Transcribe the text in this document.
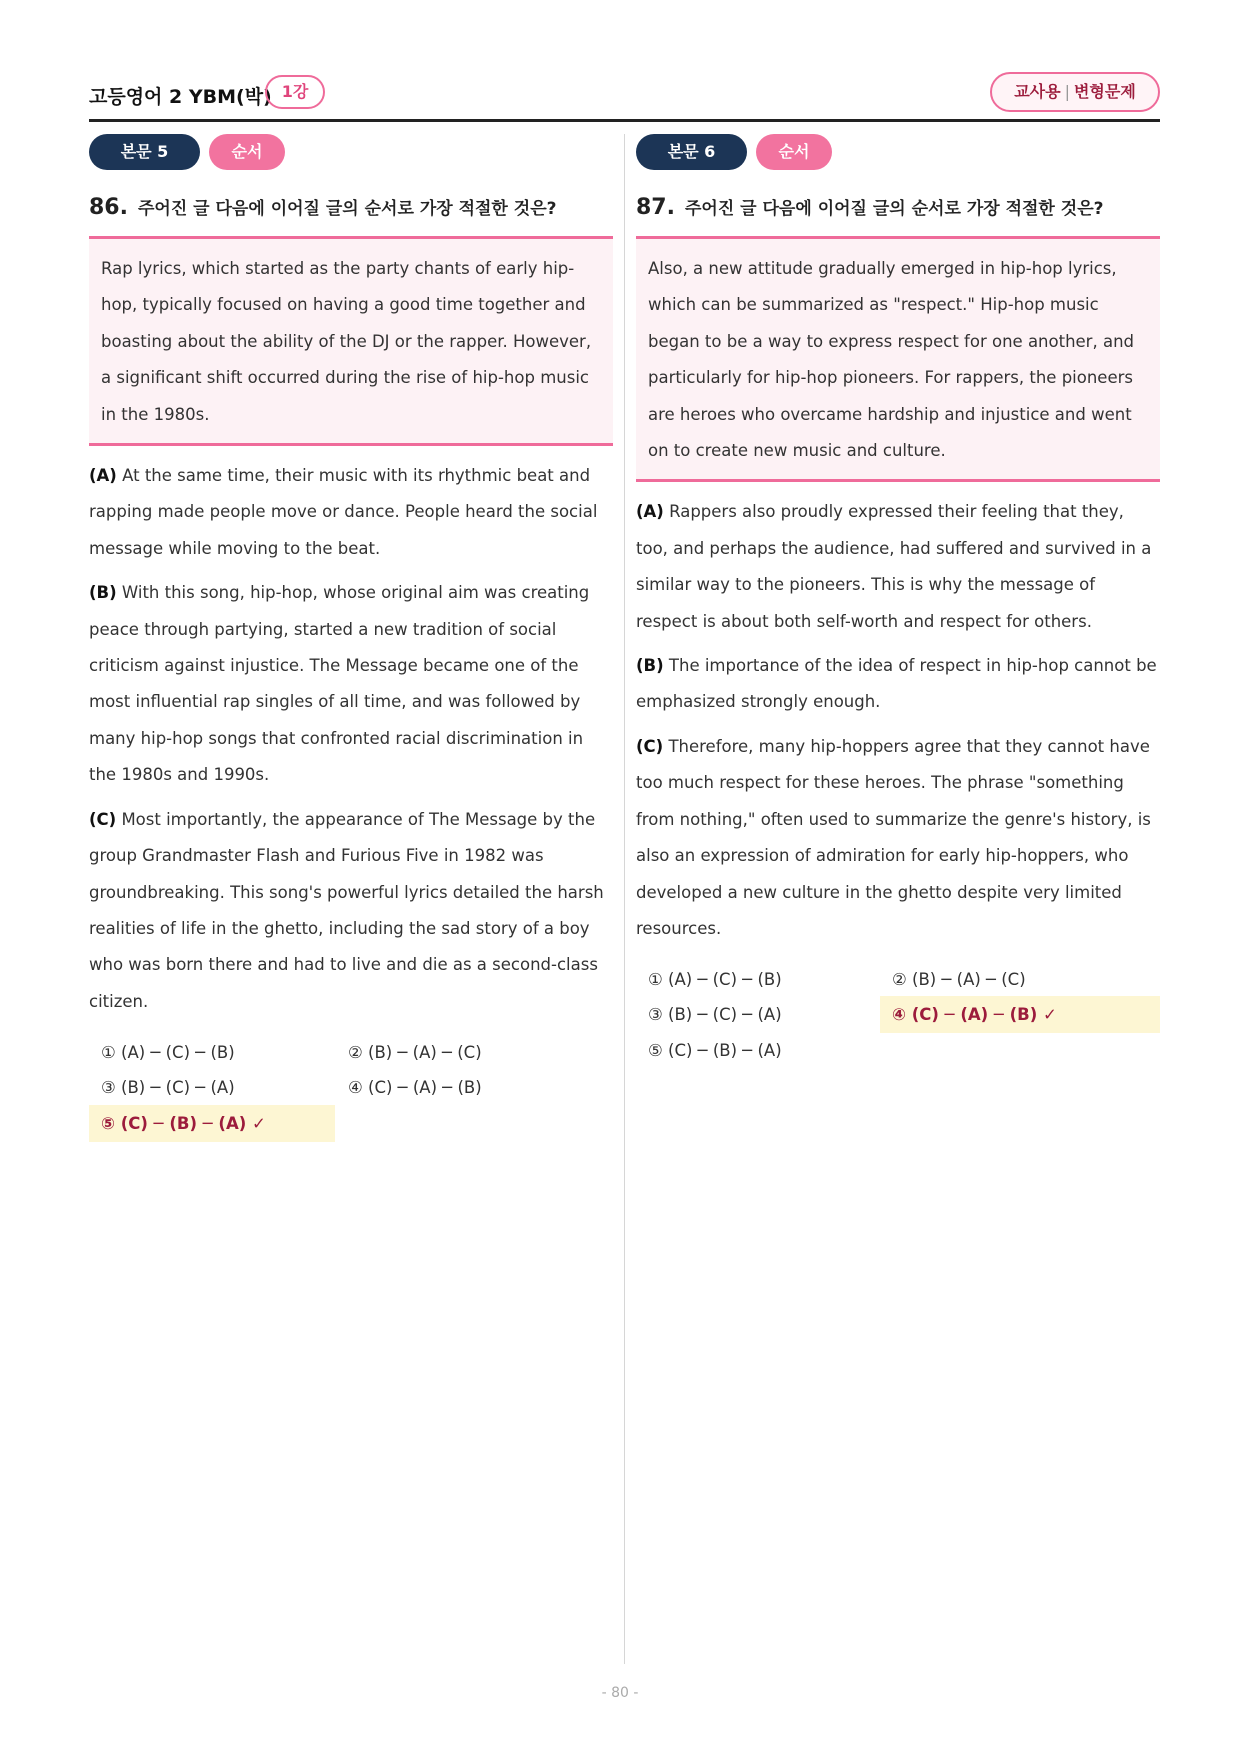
고등영어 2 YBM(박) 1강	교사용 | 변형문제
본문 5	순서
86. 주어진 글 다음에 이어질 글의 순서로 가장 적절한 것은?
Rap lyrics, which started as the party chants of early hip-hop, typically focused on having a good time together and boasting about the ability of the DJ or the rapper. However, a significant shift occurred during the rise of hip-hop music in the 1980s.
(A) At the same time, their music with its rhythmic beat and rapping made people move or dance. People heard the social message while moving to the beat.
(B) With this song, hip-hop, whose original aim was creating peace through partying, started a new tradition of social criticism against injustice. The Message became one of the most influential rap singles of all time, and was followed by many hip-hop songs that confronted racial discrimination in the 1980s and 1990s.
(C) Most importantly, the appearance of The Message by the group Grandmaster Flash and Furious Five in 1982 was groundbreaking. This song's powerful lyrics detailed the harsh realities of life in the ghetto, including the sad story of a boy who was born there and had to live and die as a second-class citizen.
① (A) ─ (C) ─ (B)	② (B) ─ (A) ─ (C)
③ (B) ─ (C) ─ (A)	④ (C) ─ (A) ─ (B)
⑤ (C) ─ (B) ─ (A) ✓
본문 6	순서
87. 주어진 글 다음에 이어질 글의 순서로 가장 적절한 것은?
Also, a new attitude gradually emerged in hip-hop lyrics, which can be summarized as "respect." Hip-hop music began to be a way to express respect for one another, and particularly for hip-hop pioneers. For rappers, the pioneers are heroes who overcame hardship and injustice and went on to create new music and culture.
(A) Rappers also proudly expressed their feeling that they, too, and perhaps the audience, had suffered and survived in a similar way to the pioneers. This is why the message of respect is about both self-worth and respect for others.
(B) The importance of the idea of respect in hip-hop cannot be emphasized strongly enough.
(C) Therefore, many hip-hoppers agree that they cannot have too much respect for these heroes. The phrase "something from nothing," often used to summarize the genre's history, is also an expression of admiration for early hip-hoppers, who developed a new culture in the ghetto despite very limited resources.
① (A) ─ (C) ─ (B)	② (B) ─ (A) ─ (C)
③ (B) ─ (C) ─ (A)	④ (C) ─ (A) ─ (B) ✓
⑤ (C) ─ (B) ─ (A)
- 80 -
